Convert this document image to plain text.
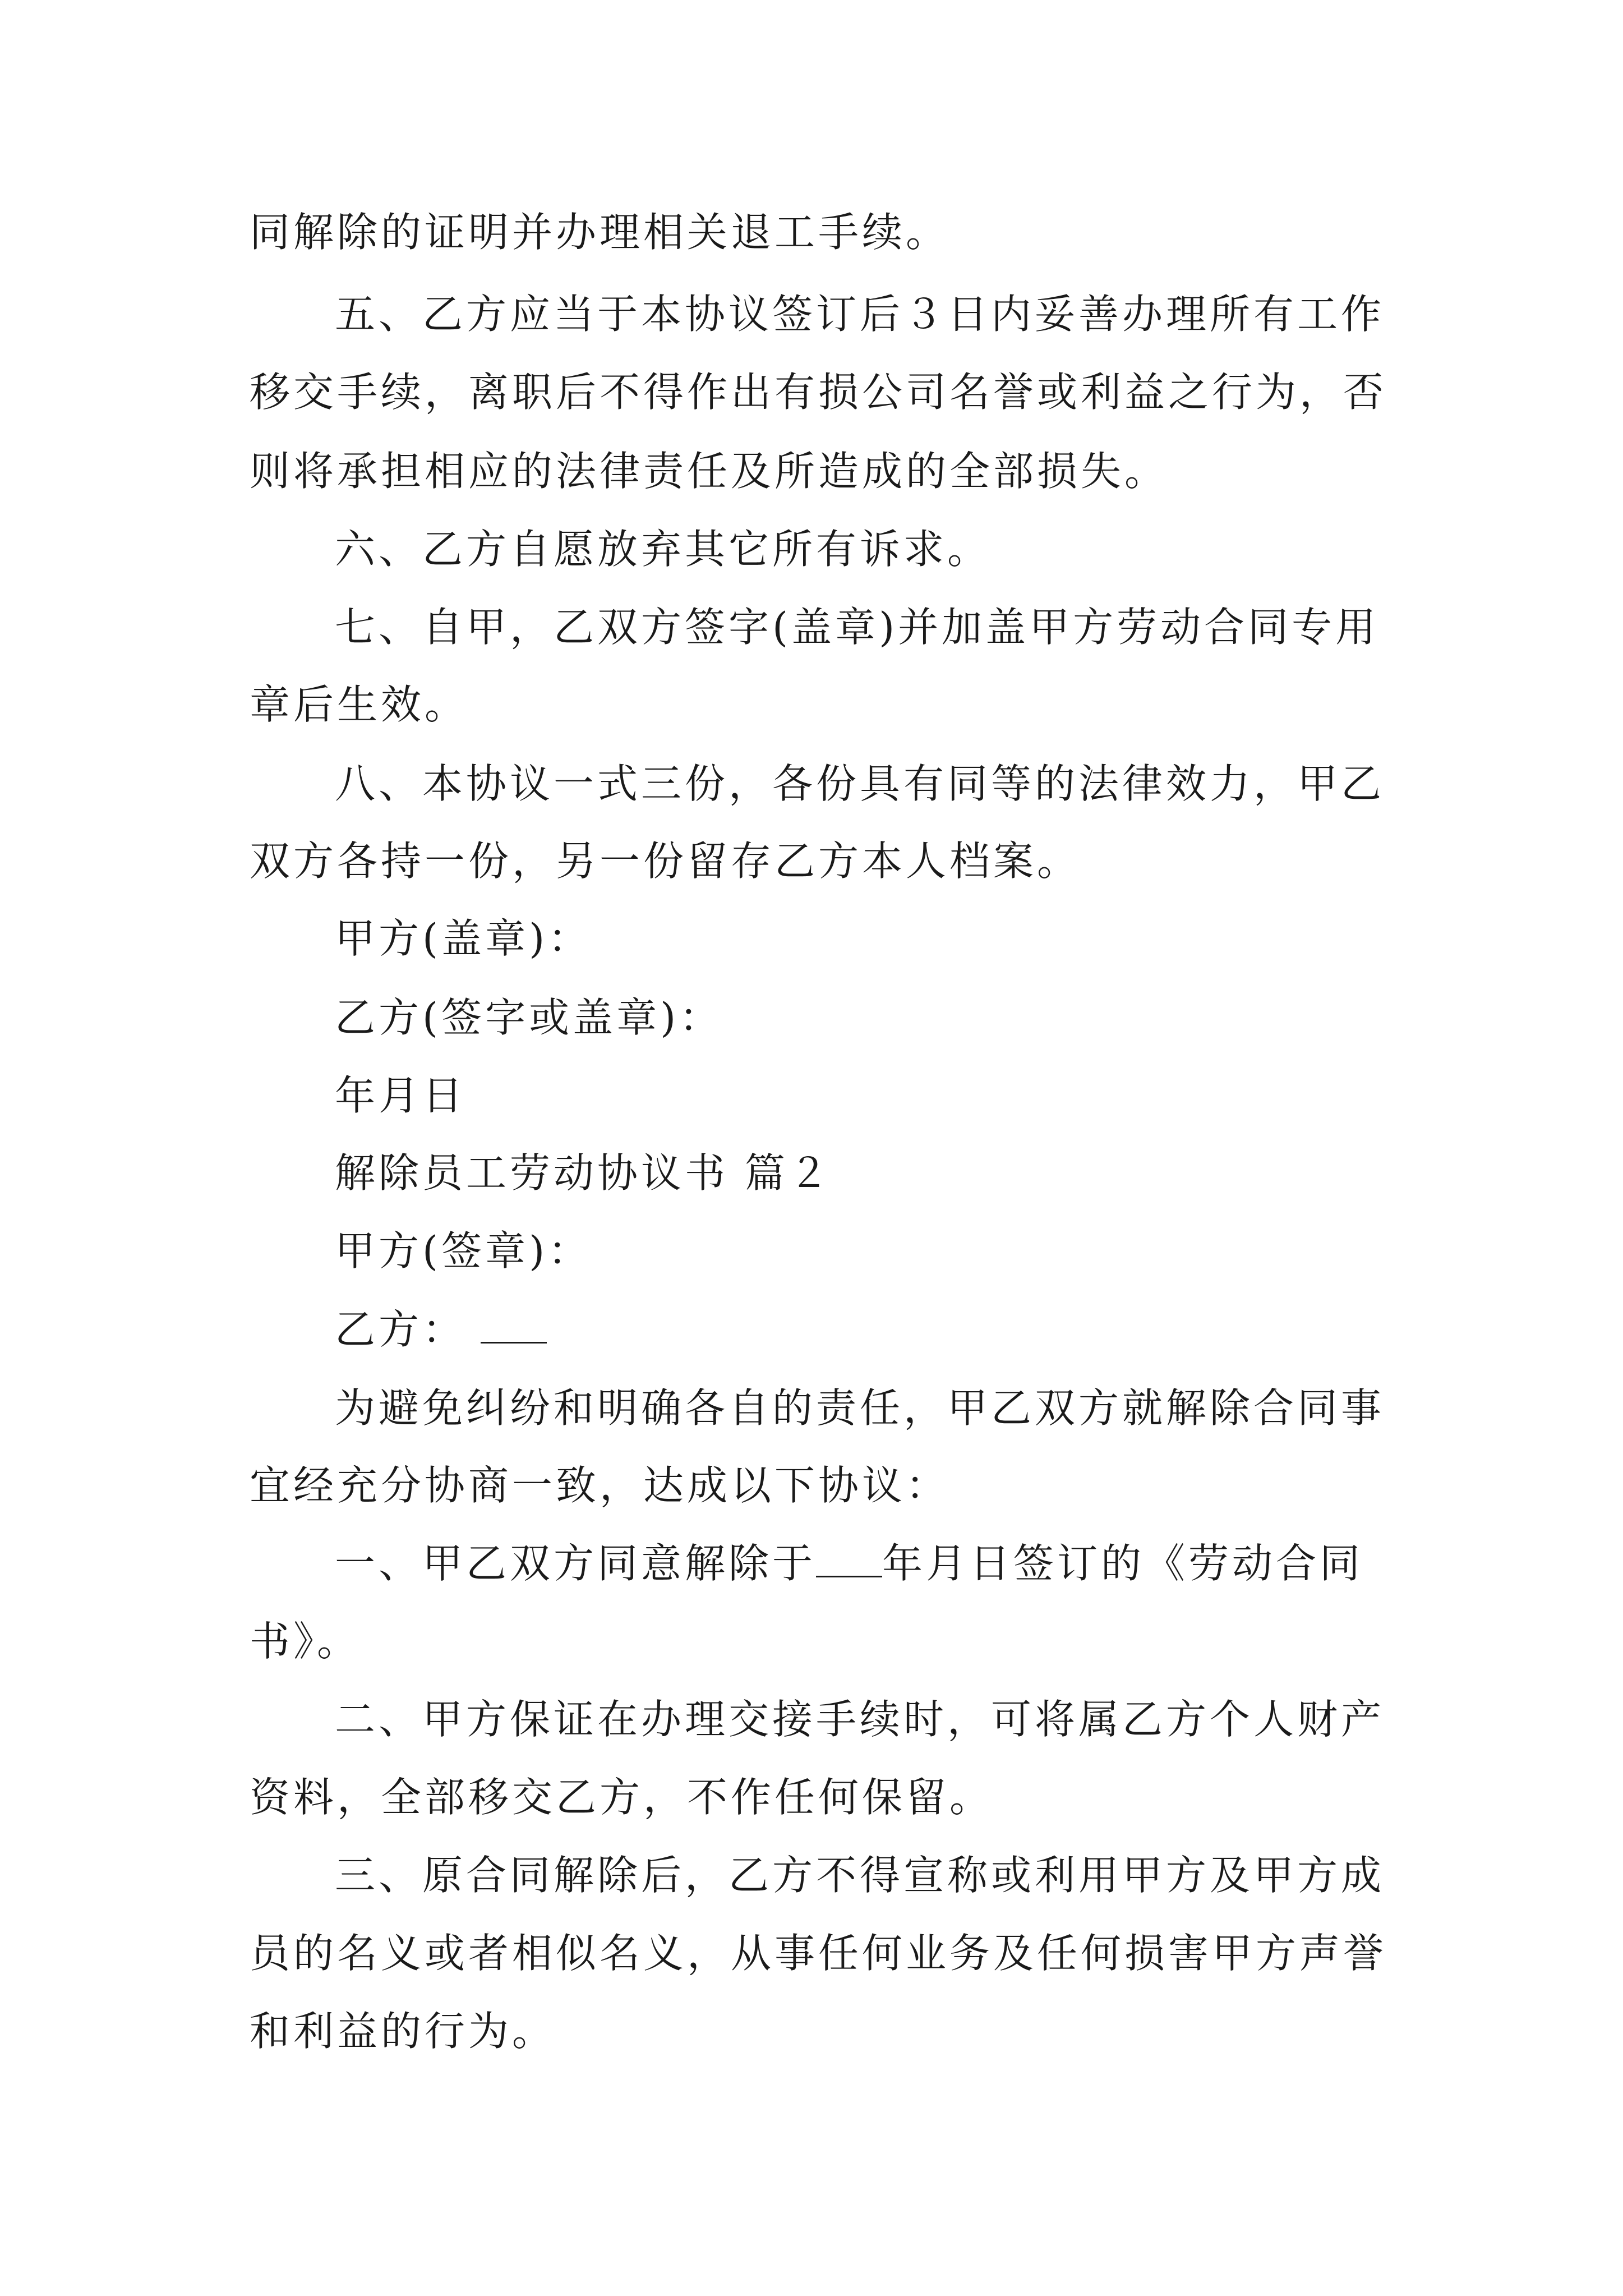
同解除的证明并办理相关退工手续。
五、乙方应当于本协议签订后３日内妥善办理所有工作
移交手续，离职后不得作出有损公司名誉或利益之行为，否
则将承担相应的法律责任及所造成的全部损失。
六、乙方自愿放弃其它所有诉求。
七、自甲，乙双方签字(盖章)并加盖甲方劳动合同专用
章后生效。
八、本协议一式三份，各份具有同等的法律效力，甲乙
双方各持一份，另一份留存乙方本人档案。
甲方(盖章)：
乙方(签字或盖章)：
年月日
解除员工劳动协议书 篇２
甲方(签章)：
乙方：
为避免纠纷和明确各自的责任，甲乙双方就解除合同事
宜经充分协商一致，达成以下协议：
一、甲乙双方同意解除于 年月日签订的《劳动合同
书》。
二、甲方保证在办理交接手续时，可将属乙方个人财产
资料，全部移交乙方，不作任何保留。
三、原合同解除后，乙方不得宣称或利用甲方及甲方成
员的名义或者相似名义，从事任何业务及任何损害甲方声誉
和利益的行为。
